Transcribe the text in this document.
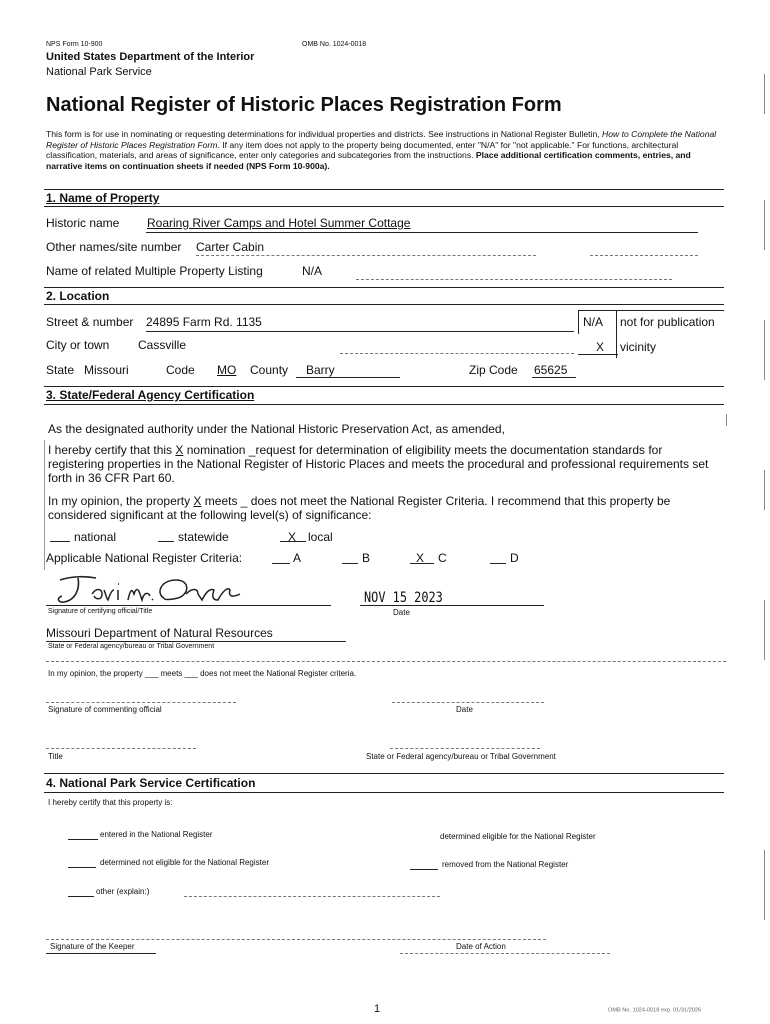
NPS Form 10-900	OMB No. 1024-0018
United States Department of the Interior
National Park Service
National Register of Historic Places Registration Form
This form is for use in nominating or requesting determinations for individual properties and districts. See instructions in National Register Bulletin, How to Complete the National Register of Historic Places Registration Form. If any item does not apply to the property being documented, enter "N/A" for "not applicable." For functions, architectural classification, materials, and areas of significance, enter only categories and subcategories from the instructions. Place additional certification comments, entries, and narrative items on continuation sheets if needed (NPS Form 10-900a).
1. Name of Property
Historic name Roaring River Camps and Hotel Summer Cottage
Other names/site number Carter Cabin
Name of related Multiple Property Listing	N/A
2. Location
Street & number 24895 Farm Rd. 1135	N/A not for publication
City or town Cassville	X vicinity
State Missouri	Code MO County Barry	Zip Code 65625
3. State/Federal Agency Certification
As the designated authority under the National Historic Preservation Act, as amended,
I hereby certify that this X nomination _request for determination of eligibility meets the documentation standards for registering properties in the National Register of Historic Places and meets the procedural and professional requirements set forth in 36 CFR Part 60.
In my opinion, the property X meets _ does not meet the National Register Criteria. I recommend that this property be considered significant at the following level(s) of significance:
national	statewide	X local
Applicable National Register Criteria:	A	B	X C	D
Signature of certifying official/Title
NOV 15 2023
Date
Missouri Department of Natural Resources
State or Federal agency/bureau or Tribal Government
In my opinion, the property ___ meets ___ does not meet the National Register criteria.
Signature of commenting official	Date
Title	State or Federal agency/bureau or Tribal Government
4. National Park Service Certification
I hereby certify that this property is:
entered in the National Register	determined eligible for the National Register
determined not eligible for the National Register	removed from the National Register
other (explain:)
Signature of the Keeper	Date of Action
1	OMB No. 1024-0018 exp. 01/31/2026
